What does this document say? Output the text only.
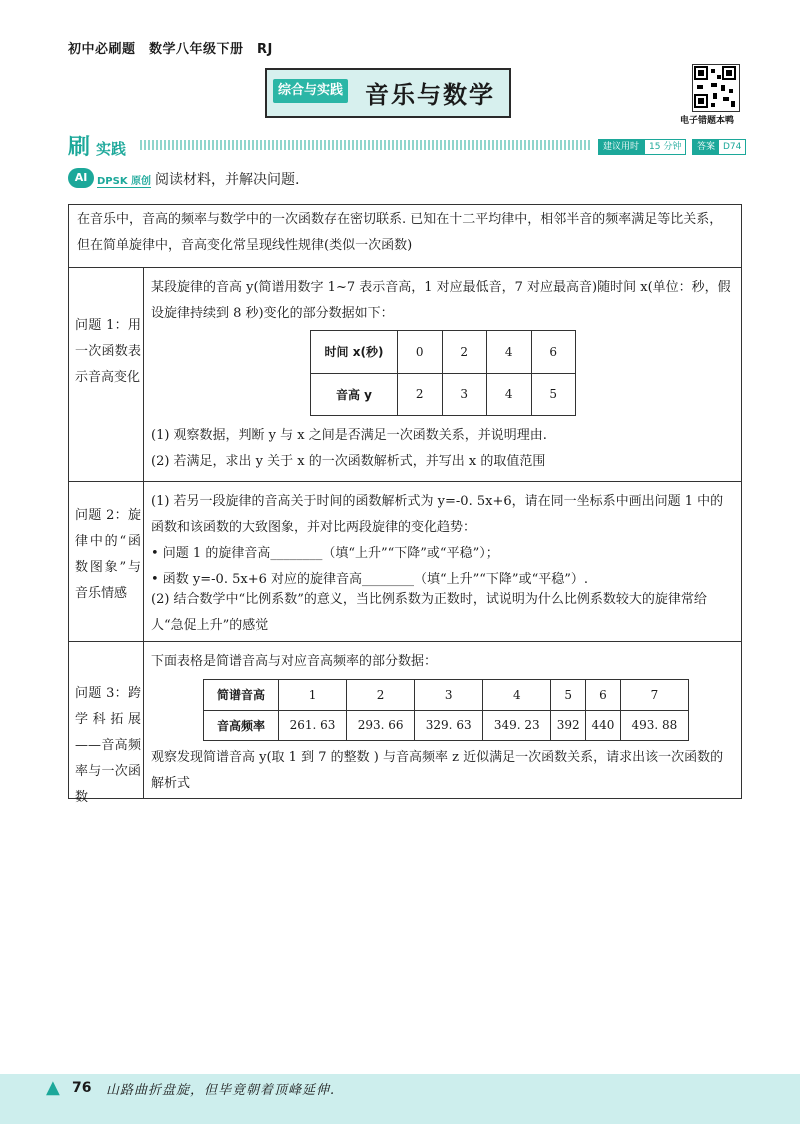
初中必刷题　数学八年级下册　RJ
综合与实践 音乐与数学
电子错题本鸭
刷 实践	建议用时	15 分钟	答案 D74
AI DPSK 原创 阅读材料，并解决问题.
在音乐中，音高的频率与数学中的一次函数存在密切联系. 已知在十二平均律中，相邻半音的频率满足等比关系，但在简单旋律中，音高变化常呈现线性规律(类似一次函数)
问题 1：用一次函数表示音高变化
某段旋律的音高 y(简谱用数字 1~7 表示音高，1 对应最低音，7 对应最高音)随时间 x(单位：秒，假设旋律持续到 8 秒)变化的部分数据如下：
时间 x(秒)	0	2	4	6
音高 y	2	3	4	5
(1) 观察数据，判断 y 与 x 之间是否满足一次函数关系，并说明理由.
(2) 若满足，求出 y 关于 x 的一次函数解析式，并写出 x 的取值范围
问题 2：旋律中的“函数图象”与音乐情感
(1) 若另一段旋律的音高关于时间的函数解析式为 y=-0. 5x+6，请在同一坐标系中画出问题 1 中的函数和该函数的大致图象，并对比两段旋律的变化趋势：
• 问题 1 的旋律音高________（填“上升”“下降”或“平稳”）；
• 函数 y=-0. 5x+6 对应的旋律音高________（填“上升”“下降”或“平稳”）.
(2) 结合数学中“比例系数”的意义，当比例系数为正数时，试说明为什么比例系数较大的旋律常给人“急促上升”的感觉
问题 3：跨学科拓展——音高频率与一次函数
下面表格是简谱音高与对应音高频率的部分数据：
简谱音高	1	2	3	4	5	6	7
音高频率	261. 63	293. 66	329. 63	349. 23	392	440	493. 88
观察发现简谱音高 y(取 1 到 7 的整数 ) 与音高频率 z 近似满足一次函数关系，请求出该一次函数的解析式
▲ 76 山路曲折盘旋，但毕竟朝着顶峰延伸.
